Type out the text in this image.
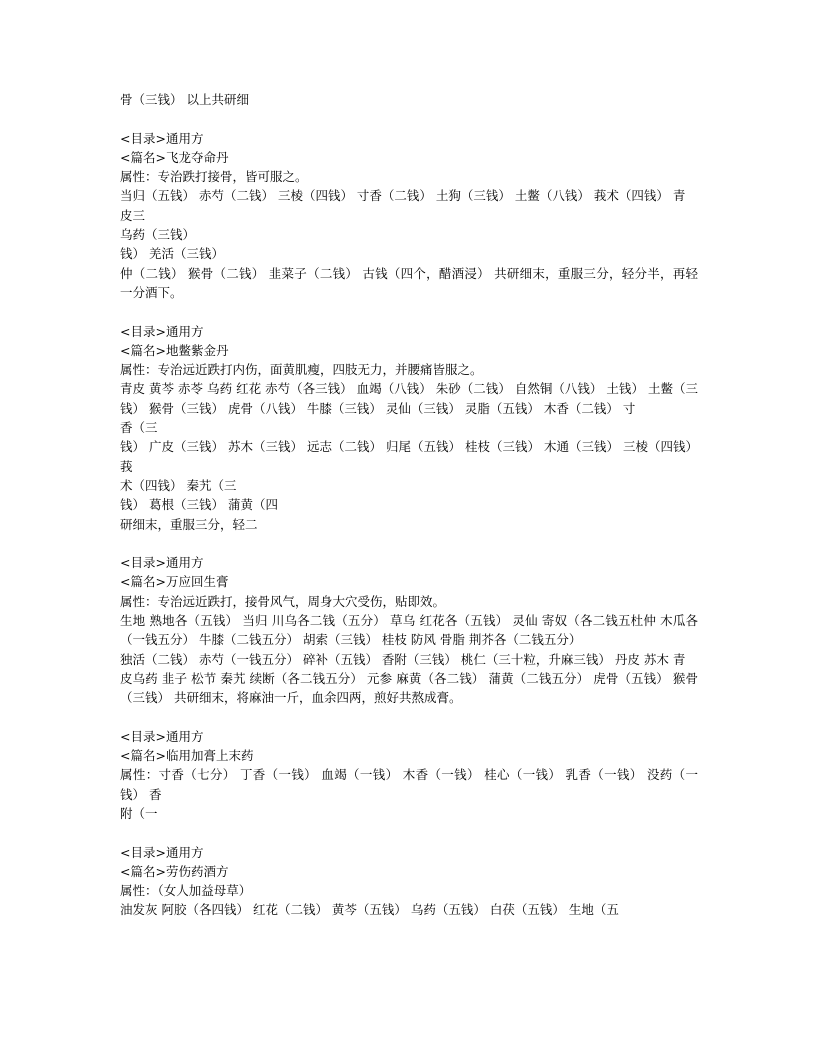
骨（三钱） 以上共研细
<目录>通用方
<篇名>飞龙夺命丹
属性：专治跌打接骨，皆可服之。
当归（五钱） 赤芍（二钱） 三棱（四钱） 寸香（二钱） 土狗（三钱） 土鳖（八钱） 莪术（四钱） 青
皮三
乌药（三钱）
钱） 羌活（三钱）
仲（二钱） 猴骨（二钱） 韭菜子（二钱） 古钱（四个，醋酒浸） 共研细末，重服三分，轻分半，再轻一分酒下。
<目录>通用方
<篇名>地鳖紫金丹
属性：专治远近跌打内伤，面黄肌瘦，四肢无力，并腰痛皆服之。
青皮 黄芩 赤苓 乌药 红花 赤芍（各三钱） 血竭（八钱） 朱砂（二钱） 自然铜（八钱） 土钱） 土鳖（三钱） 猴骨（三钱） 虎骨（八钱） 牛膝（三钱） 灵仙（三钱） 灵脂（五钱） 木香（二钱） 寸
香（三
钱） 广皮（三钱） 苏木（三钱） 远志（二钱） 归尾（五钱） 桂枝（三钱） 木通（三钱） 三棱（四钱） 莪
术（四钱） 秦艽（三
钱） 葛根（三钱） 蒲黄（四
研细末，重服三分，轻二
<目录>通用方
<篇名>万应回生膏
属性：专治远近跌打，接骨风气，周身大穴受伤，贴即效。
生地 熟地各（五钱） 当归 川乌各二钱（五分） 草乌 红花各（五钱） 灵仙 寄奴（各二钱五杜仲 木瓜各（一钱五分） 牛膝（二钱五分） 胡索（三钱） 桂枝 防风 骨脂 荆芥各（二钱五分）
独活（二钱） 赤芍（一钱五分） 碎补（五钱） 香附（三钱） 桃仁（三十粒，升麻三钱） 丹皮 苏木 青
皮乌药 韭子 松节 秦艽 续断（各二钱五分） 元参 麻黄（各二钱） 蒲黄（二钱五分） 虎骨（五钱） 猴骨（三钱） 共研细末，将麻油一斤，血余四两，煎好共熬成膏。
<目录>通用方
<篇名>临用加膏上末药
属性：寸香（七分） 丁香（一钱） 血竭（一钱） 木香（一钱） 桂心（一钱） 乳香（一钱） 没药（一钱） 香
附（一
<目录>通用方
<篇名>劳伤药酒方
属性：（女人加益母草）
油发灰 阿胶（各四钱） 红花（二钱） 黄芩（五钱） 乌药（五钱） 白茯（五钱） 生地（五
